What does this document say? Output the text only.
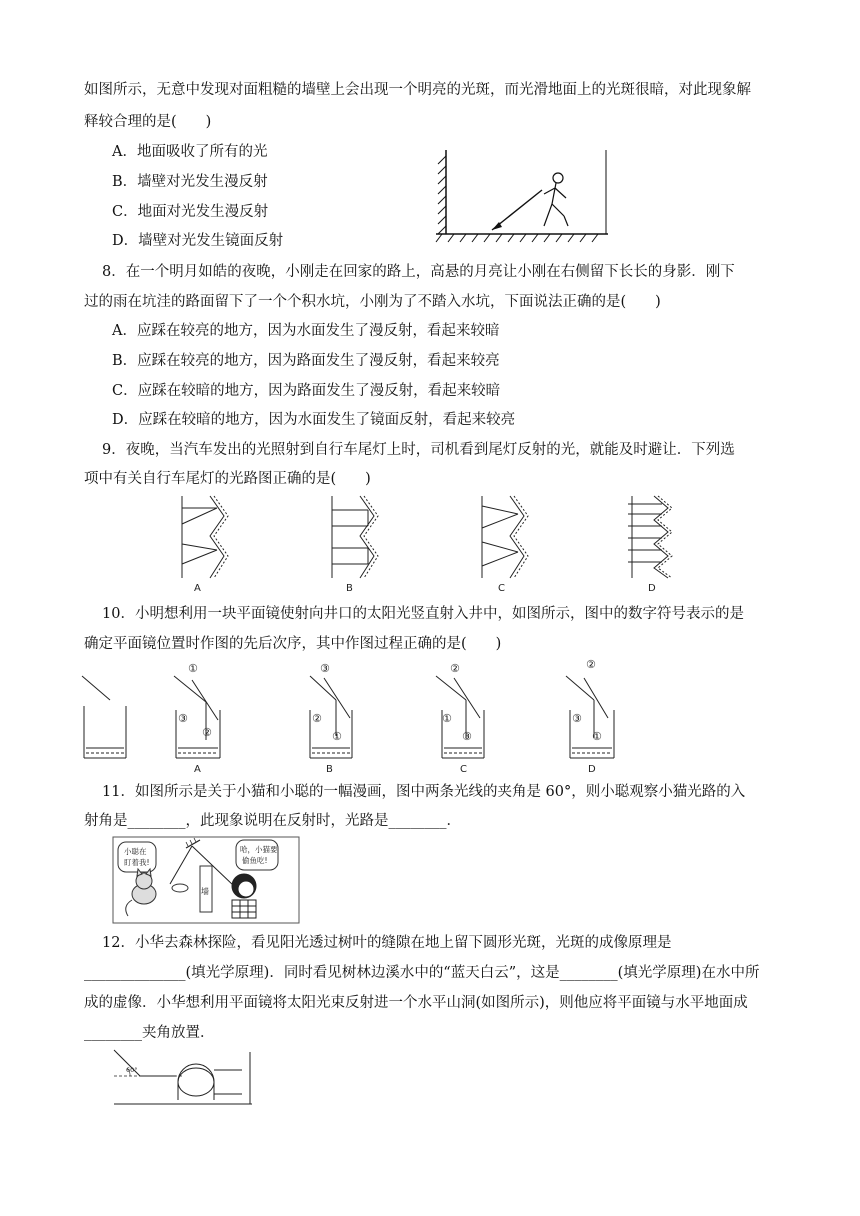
如图所示，无意中发现对面粗糙的墙壁上会出现一个明亮的光斑，而光滑地面上的光斑很暗，对此现象解
释较合理的是(　　)
A．地面吸收了所有的光
B．墙壁对光发生漫反射
C．地面对光发生漫反射
D．墙壁对光发生镜面反射
8．在一个明月如皓的夜晚，小刚走在回家的路上，高悬的月亮让小刚在右侧留下长长的身影．刚下
过的雨在坑洼的路面留下了一个个积水坑，小刚为了不踏入水坑，下面说法正确的是(　　)
A．应踩在较亮的地方，因为水面发生了漫反射，看起来较暗
B．应踩在较亮的地方，因为路面发生了漫反射，看起来较亮
C．应踩在较暗的地方，因为路面发生了漫反射，看起来较暗
D．应踩在较暗的地方，因为水面发生了镜面反射，看起来较亮
9．夜晚，当汽车发出的光照射到自行车尾灯上时，司机看到尾灯反射的光，就能及时避让．下列选
项中有关自行车尾灯的光路图正确的是(　　)
A	B	C	D
10．小明想利用一块平面镜使射向井口的太阳光竖直射入井中，如图所示，图中的数字符号表示的是
确定平面镜位置时作图的先后次序，其中作图过程正确的是(　　)
①
③
②
③
②
①
②
①
③
②
③
①
A	B	C	D
11．如图所示是关于小猫和小聪的一幅漫画，图中两条光线的夹角是 60°，则小聪观察小猫光路的入
射角是________，此现象说明在反射时，光路是________．
小聪在
盯着我!
墙
哈，小猫要
偷鱼吃!
12．小华去森林探险，看见阳光透过树叶的缝隙在地上留下圆形光斑，光斑的成像原理是
______________(填光学原理)．同时看见树林边溪水中的“蓝天白云”，这是________(填光学原理)在水中所
成的虚像．小华想利用平面镜将太阳光束反射进一个水平山洞(如图所示)，则他应将平面镜与水平地面成
________夹角放置．
60°
